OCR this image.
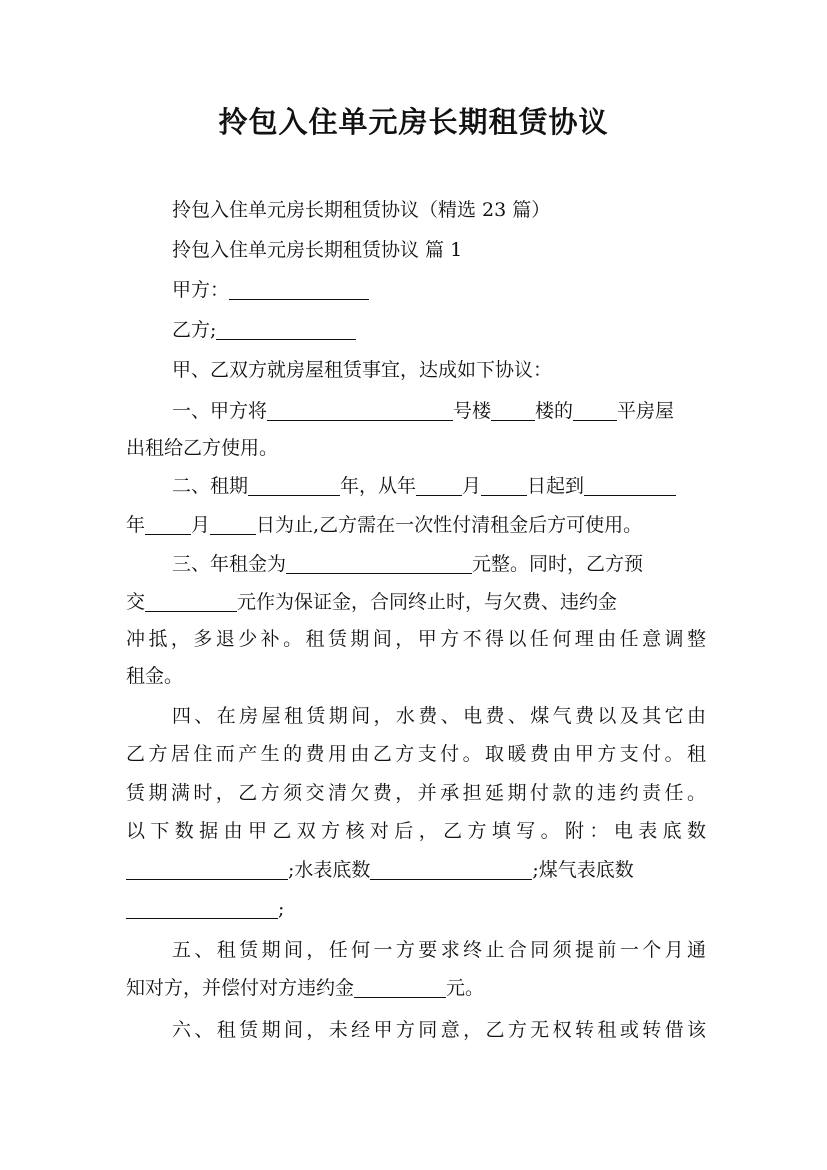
拎包入住单元房长期租赁协议
拎包入住单元房长期租赁协议（精选 23 篇）
拎包入住单元房长期租赁协议 篇 1
甲方：
乙方;
甲、乙双方就房屋租赁事宜，达成如下协议：
一、甲方将	号楼 楼的 平房屋
出租给乙方使用。
二、租期	年，从年 月 日起到
年 月 日为止,乙方需在一次性付清租金后方可使用。
三、年租金为	元整。同时，乙方预
交	元作为保证金，合同终止时，与欠费、违约金
冲抵，多退少补。租赁期间，甲方不得以任何理由任意调整
租金。
四、在房屋租赁期间，水费、电费、煤气费以及其它由
乙方居住而产生的费用由乙方支付。取暖费由甲方支付。租
赁期满时，乙方须交清欠费，并承担延期付款的违约责任。
以下数据由甲乙双方核对后，乙方填写。附：电表底数
;水表底数	;煤气表底数
;
五、租赁期间，任何一方要求终止合同须提前一个月通
知对方，并偿付对方违约金	元。
六、租赁期间，未经甲方同意，乙方无权转租或转借该
